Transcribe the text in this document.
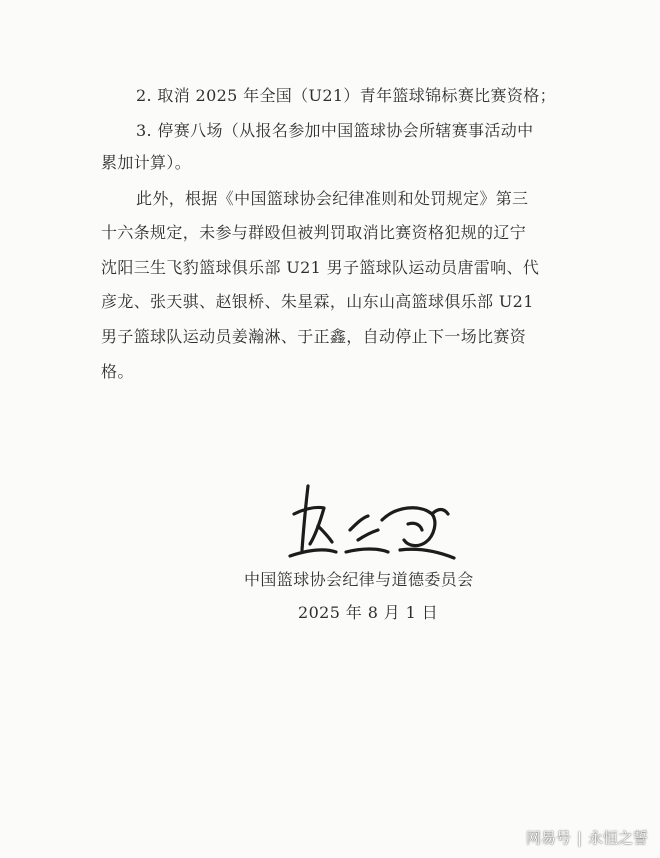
2. 取消 2025 年全国（U21）青年篮球锦标赛比赛资格；
3. 停赛八场（从报名参加中国篮球协会所辖赛事活动中
累加计算）。
此外，根据《中国篮球协会纪律准则和处罚规定》第三
十六条规定，未参与群殴但被判罚取消比赛资格犯规的辽宁
沈阳三生飞豹篮球俱乐部 U21 男子篮球队运动员唐雷响、代
彦龙、张天骐、赵银桥、朱星霖，山东山高篮球俱乐部 U21
男子篮球队运动员姜瀚淋、于正鑫，自动停止下一场比赛资
格。
中国篮球协会纪律与道德委员会
2025 年 8 月 1 日
网易号 | 永恒之誓
